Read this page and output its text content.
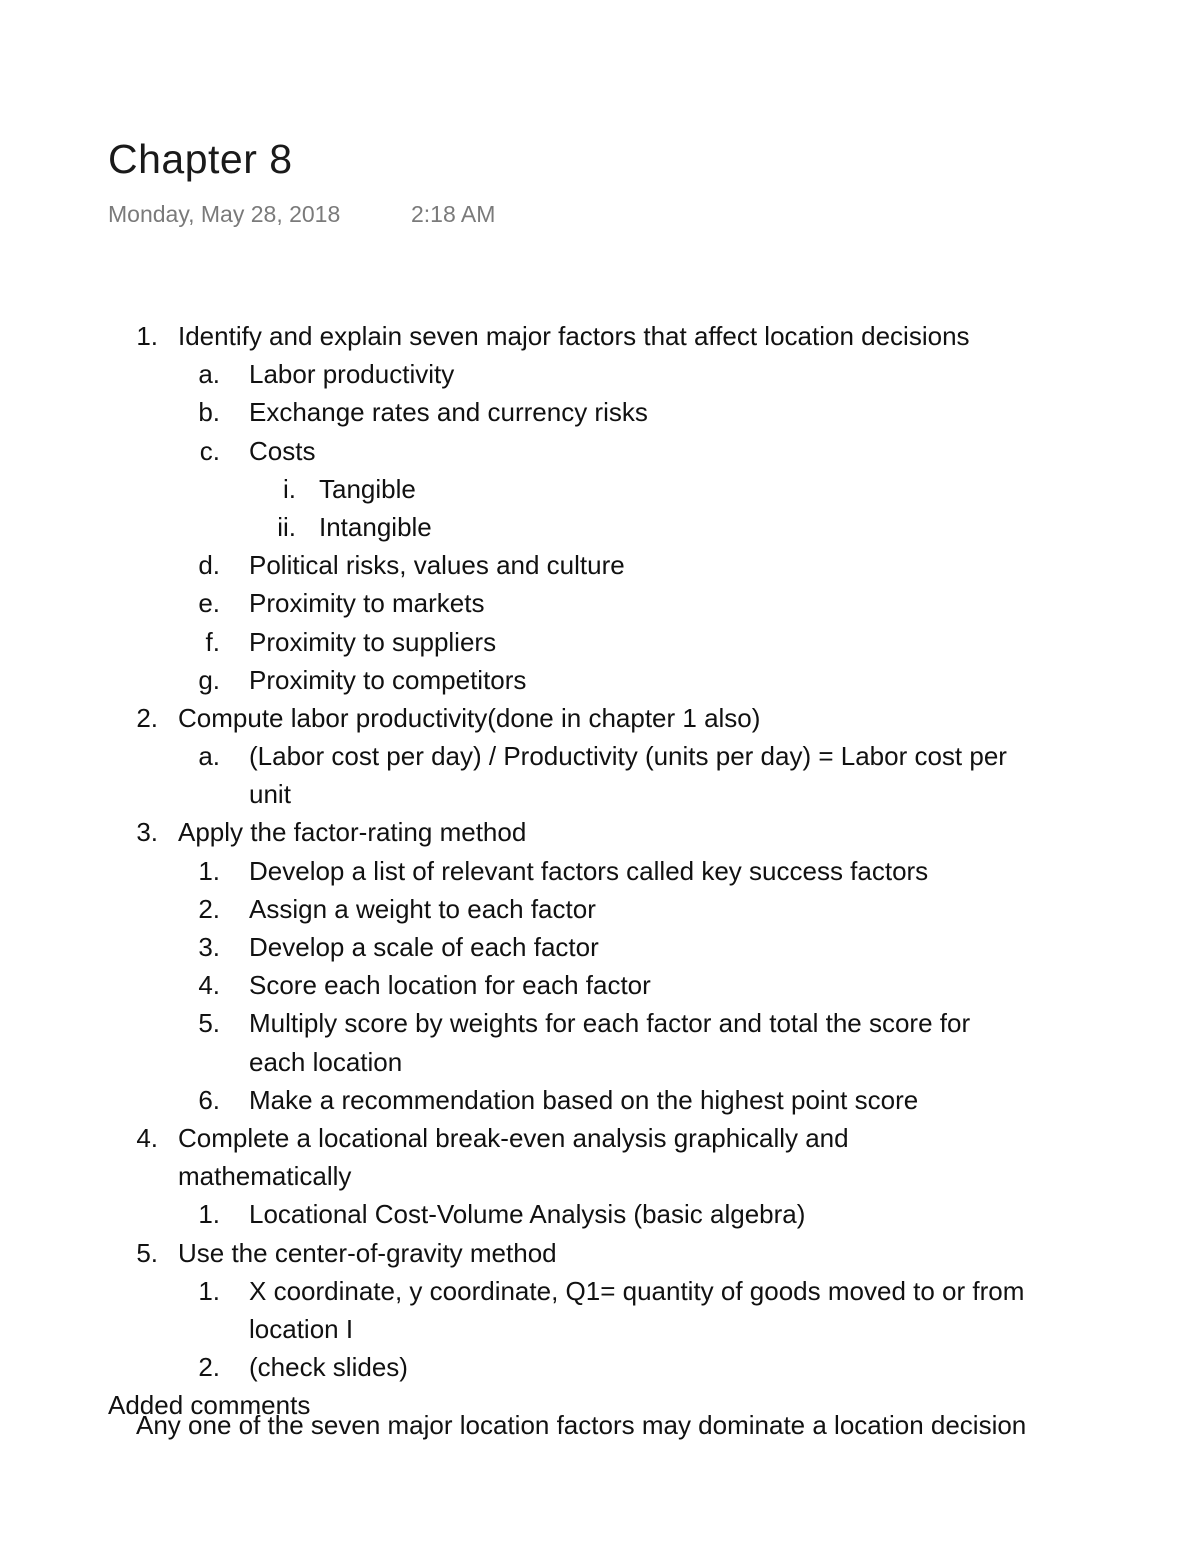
Chapter 8
Monday, May 28, 2018	2:18 AM
1. Identify and explain seven major factors that affect location decisions
a. Labor productivity
b. Exchange rates and currency risks
c. Costs
i. Tangible
ii. Intangible
d. Political risks, values and culture
e. Proximity to markets
f. Proximity to suppliers
g. Proximity to competitors
2. Compute labor productivity(done in chapter 1 also)
a. (Labor cost per day) / Productivity (units per day) = Labor cost per
unit
3. Apply the factor-rating method
1. Develop a list of relevant factors called key success factors
2. Assign a weight to each factor
3. Develop a scale of each factor
4. Score each location for each factor
5. Multiply score by weights for each factor and total the score for
each location
6. Make a recommendation based on the highest point score
4. Complete a locational break-even analysis graphically and
mathematically
1. Locational Cost-Volume Analysis (basic algebra)
5. Use the center-of-gravity method
1. X coordinate, y coordinate, Q1= quantity of goods moved to or from
location I
2. (check slides)
Added comments
Any one of the seven major location factors may dominate a location decision
